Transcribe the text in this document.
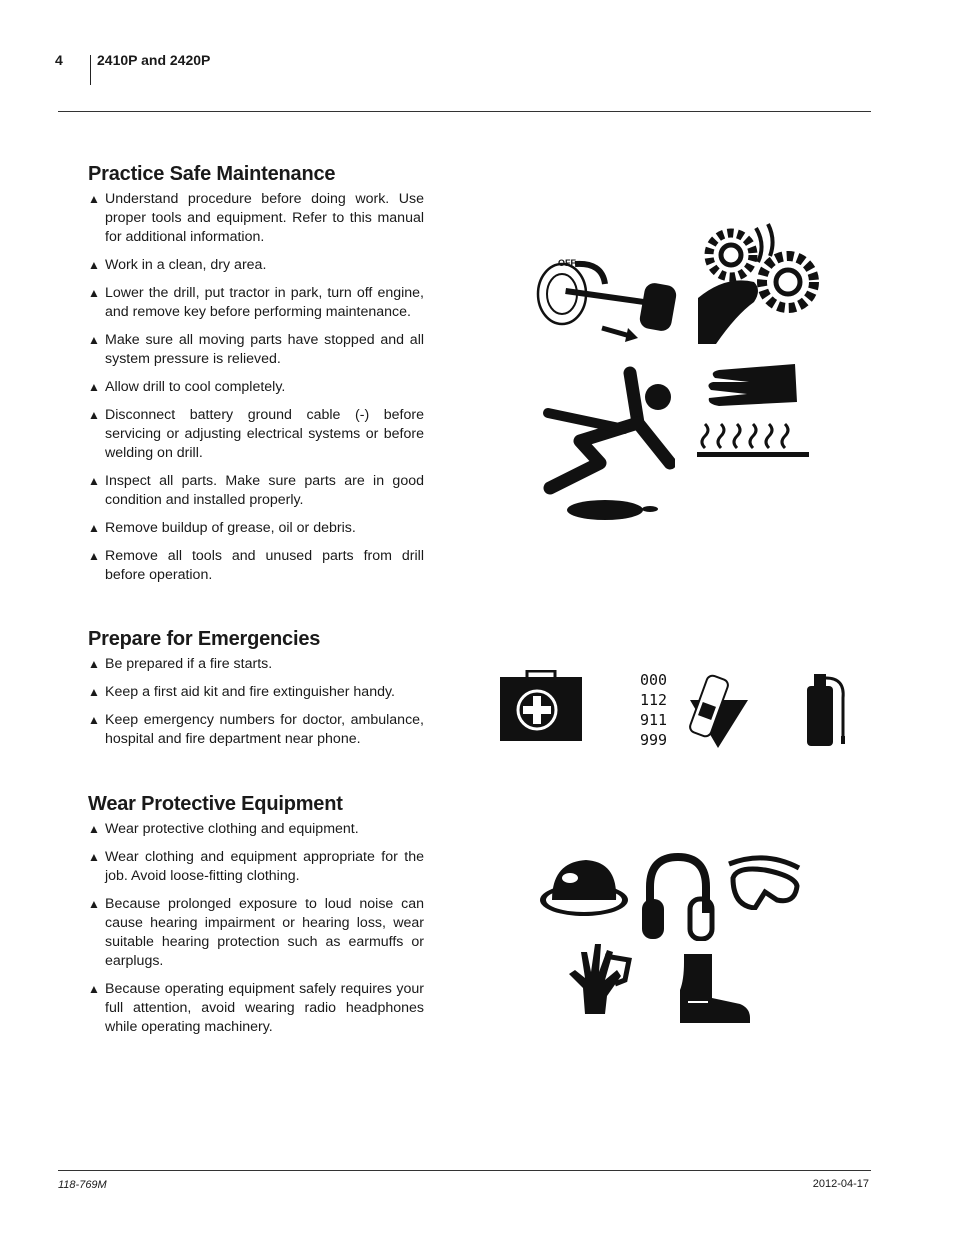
4 2410P and 2420P
Practice Safe Maintenance
▲ Understand procedure before doing work. Use proper tools and equipment. Refer to this manual for additional information.
▲ Work in a clean, dry area.
▲ Lower the drill, put tractor in park, turn off engine, and remove key before performing maintenance.
▲ Make sure all moving parts have stopped and all system pressure is relieved.
▲ Allow drill to cool completely.
▲ Disconnect battery ground cable (-) before servicing or adjusting electrical systems or before welding on drill.
▲ Inspect all parts. Make sure parts are in good condition and installed properly.
▲ Remove buildup of grease, oil or debris.
▲ Remove all tools and unused parts from drill before operation.
Prepare for Emergencies
▲ Be prepared if a fire starts.
▲ Keep a first aid kit and fire extinguisher handy.
▲ Keep emergency numbers for doctor, ambulance, hospital and fire department near phone.
Wear Protective Equipment
▲ Wear protective clothing and equipment.
▲ Wear clothing and equipment appropriate for the job. Avoid loose-fitting clothing.
▲ Because prolonged exposure to loud noise can cause hearing impairment or hearing loss, wear suitable hearing protection such as earmuffs or earplugs.
▲ Because operating equipment safely requires your full attention, avoid wearing radio headphones while operating machinery.
OFF
000
112
911
999
118-769M	2012-04-17
